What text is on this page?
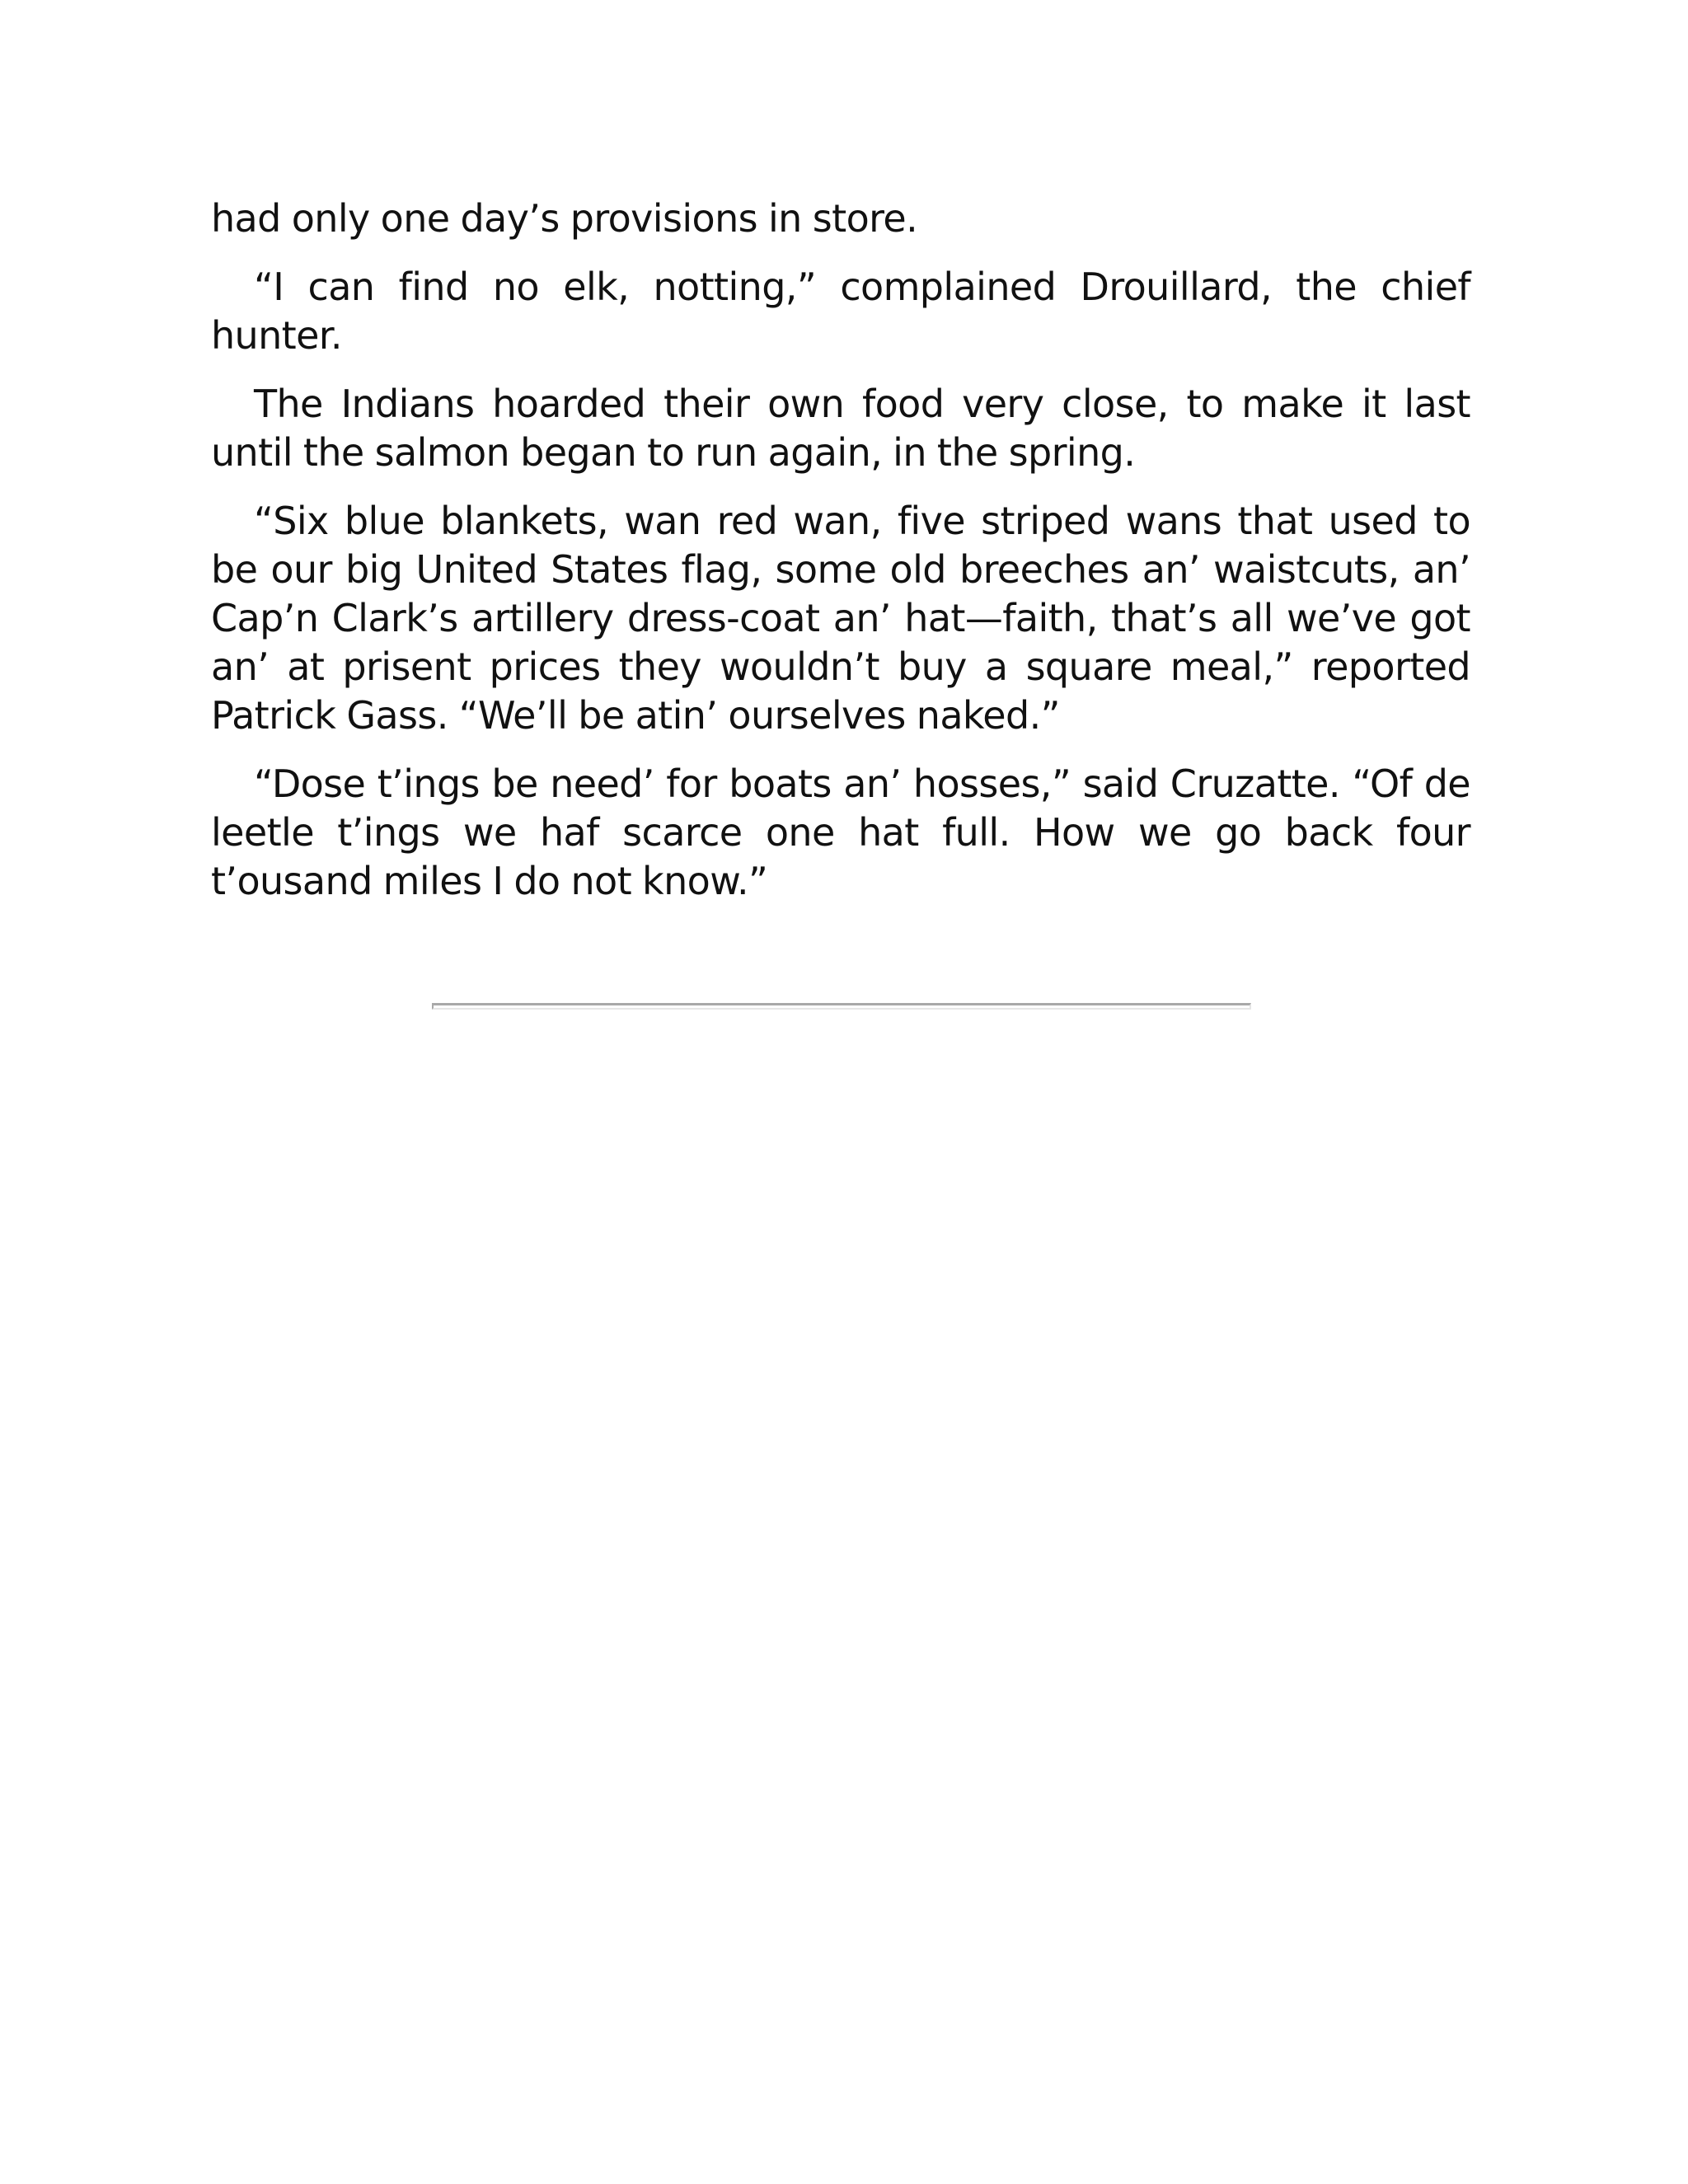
had only one day’s provisions in store.

“I can find no elk, notting,” complained Drouillard, the chief hunter.

The Indians hoarded their own food very close, to make it last until the salmon began to run again, in the spring.

“Six blue blankets, wan red wan, five striped wans that used to be our big United States flag, some old breeches an’ waistcuts, an’ Cap’n Clark’s artillery dress-coat an’ hat—faith, that’s all we’ve got an’ at prisent prices they wouldn’t buy a square meal,” reported Patrick Gass. “We’ll be atin’ ourselves naked.”

“Dose t’ings be need’ for boats an’ hosses,” said Cruzatte. “Of de leetle t’ings we haf scarce one hat full. How we go back four t’ousand miles I do not know.”
